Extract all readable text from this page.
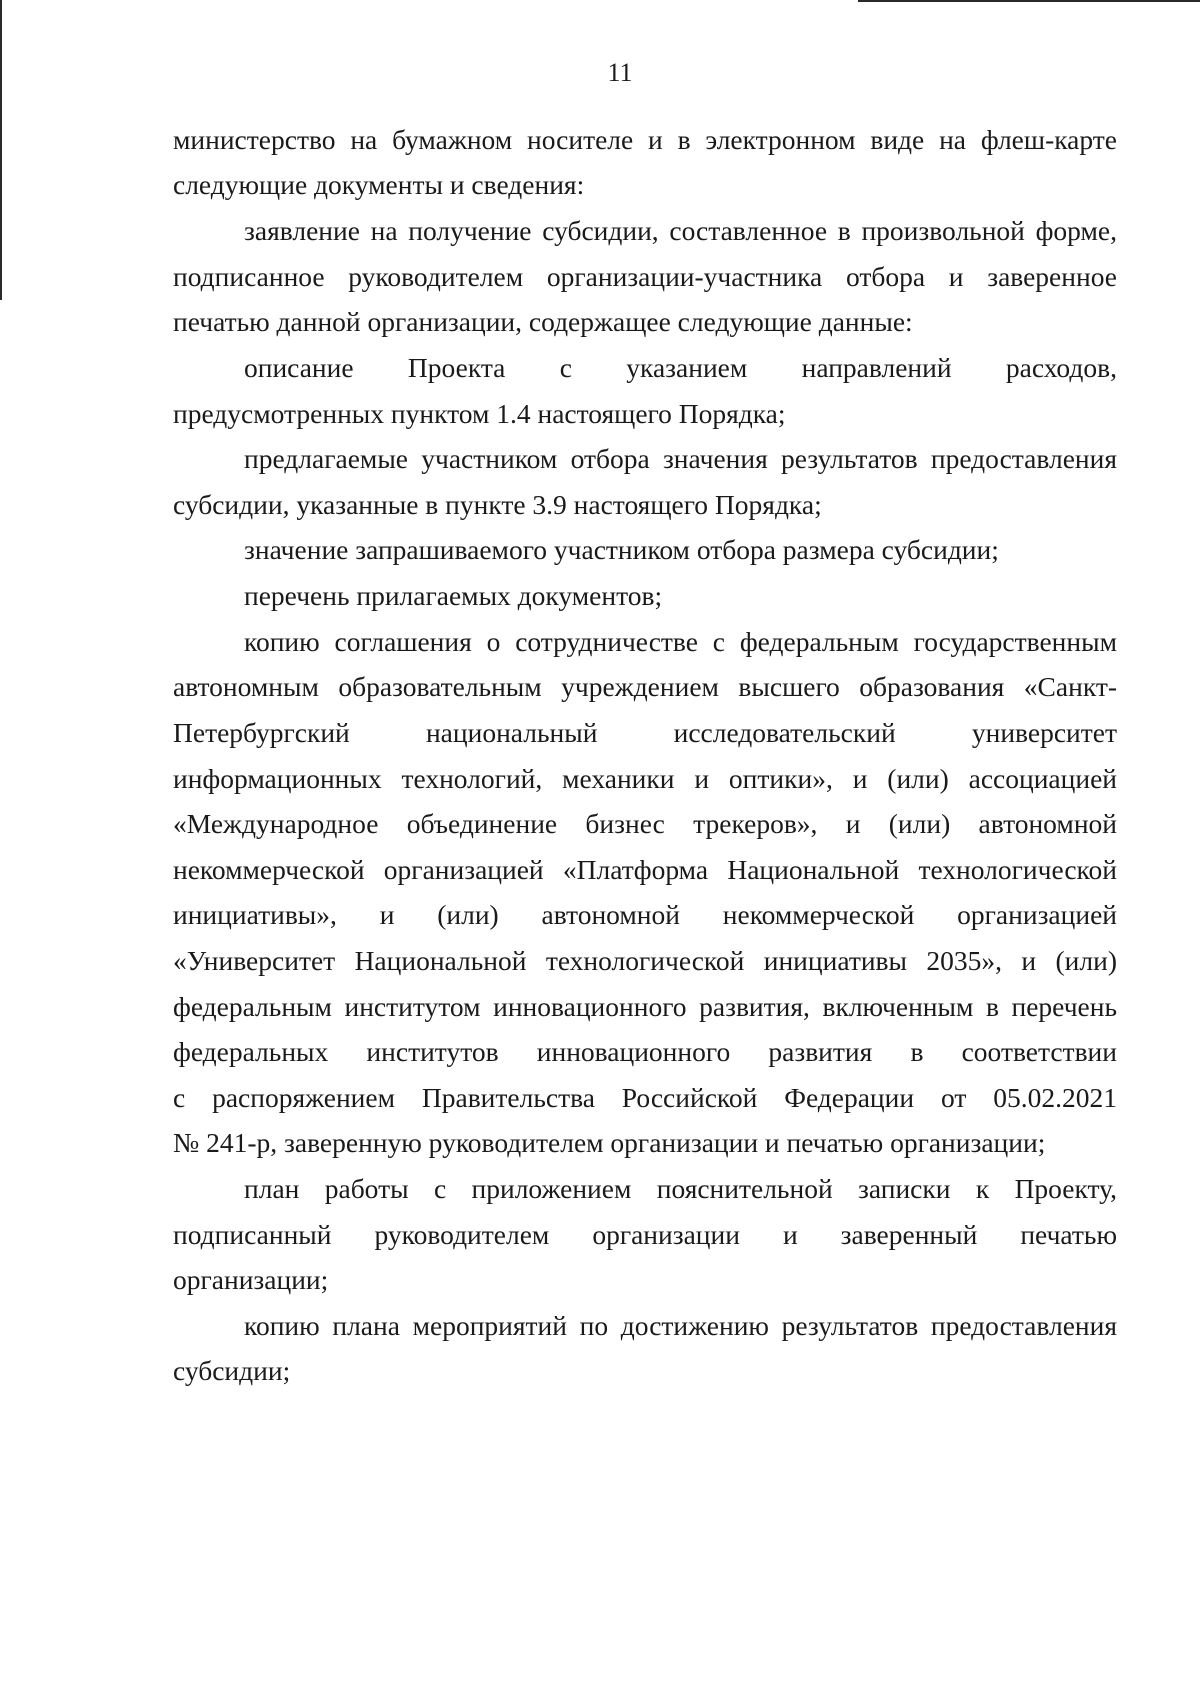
11
министерство на бумажном носителе и в электронном виде на флеш-карте
следующие документы и сведения:
заявление на получение субсидии, составленное в произвольной форме,
подписанное руководителем организации-участника отбора и заверенное
печатью данной организации, содержащее следующие данные:
описание Проекта с указанием направлений расходов,
предусмотренных пунктом 1.4 настоящего Порядка;
предлагаемые участником отбора значения результатов предоставления
субсидии, указанные в пункте 3.9 настоящего Порядка;
значение запрашиваемого участником отбора размера субсидии;
перечень прилагаемых документов;
копию соглашения о сотрудничестве с федеральным государственным
автономным образовательным учреждением высшего образования «Санкт-
Петербургский национальный исследовательский университет
информационных технологий, механики и оптики», и (или) ассоциацией
«Международное объединение бизнес трекеров», и (или) автономной
некоммерческой организацией «Платформа Национальной технологической
инициативы», и (или) автономной некоммерческой организацией
«Университет Национальной технологической инициативы 2035», и (или)
федеральным институтом инновационного развития, включенным в перечень
федеральных институтов инновационного развития в соответствии
с распоряжением Правительства Российской Федерации от 05.02.2021
№ 241-р, заверенную руководителем организации и печатью организации;
план работы с приложением пояснительной записки к Проекту,
подписанный руководителем организации и заверенный печатью
организации;
копию плана мероприятий по достижению результатов предоставления
субсидии;
